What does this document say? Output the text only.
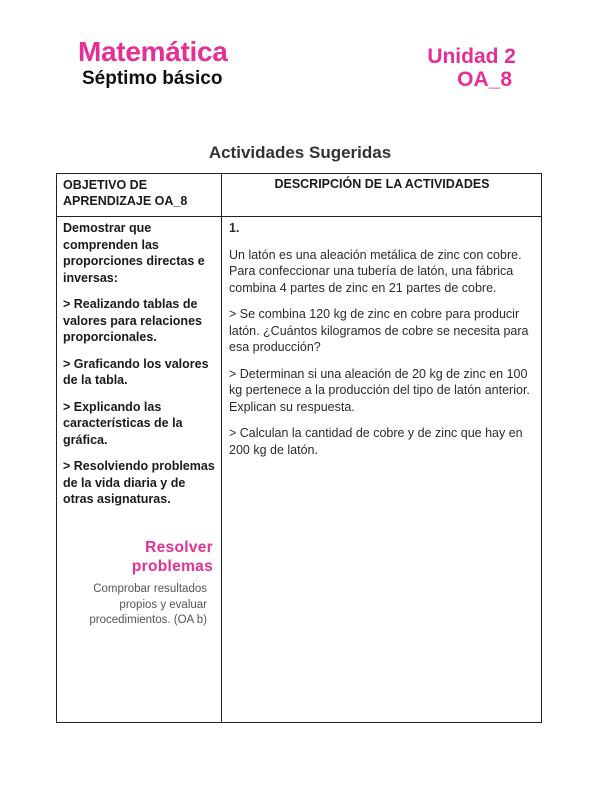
Matemática
Séptimo básico
Unidad 2
OA_8
Actividades Sugeridas
OBJETIVO DE APRENDIZAJE OA_8
DESCRIPCIÓN DE LA ACTIVIDADES

Demostrar que comprenden las proporciones directas e inversas:

> Realizando tablas de valores para relaciones proporcionales.

> Graficando los valores de la tabla.

> Explicando las características de la gráfica.

> Resolviendo problemas de la vida diaria y de otras asignaturas.

Resolver
problemas
Comprobar resultados propios y evaluar procedimientos. (OA b)

1.

Un latón es una aleación metálica de zinc con cobre. Para confeccionar una tubería de latón, una fábrica combina 4 partes de zinc en 21 partes de cobre.

> Se combina 120 kg de zinc en cobre para producir latón. ¿Cuántos kilogramos de cobre se necesita para esa producción?

> Determinan si una aleación de 20 kg de zinc en 100 kg pertenece a la producción del tipo de latón anterior. Explican su respuesta.

> Calculan la cantidad de cobre y de zinc que hay en 200 kg de latón.
